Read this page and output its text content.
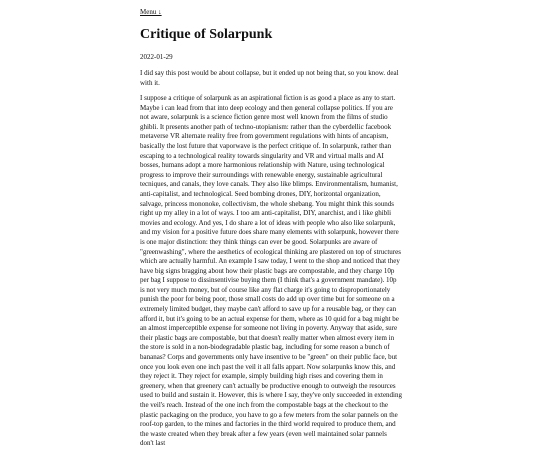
Menu ↓
Critique of Solarpunk
2022-01-29

I did say this post would be about collapse, but it ended up not being that, so you know. deal with it.

I suppose a critique of solarpunk as an aspirational fiction is as good a place as any to start. Maybe i can lead from that into deep ecology and then general collapse politics. If you are not aware, solarpunk is a science fiction genre most well known from the films of studio ghibli. It presents another path of techno-utopianism: rather than the cyberdellic facebook metaverse VR alternate reality free from government regulations with hints of ancapism, basically the lost future that vaporwave is the perfect critique of. In solarpunk, rather than escaping to a technological reality towards singularity and VR and virtual malls and AI bosses, humans adopt a more harmonious relationship with Nature, using technological progress to improve their surroundings with renewable energy, sustainable agricultural tecniques, and canals, they love canals. They also like blimps. Environmentalism, humanist, anti-capitalist, and technological. Seed bombing drones, DIY, horizontal organization, salvage, princess mononoke, collectivism, the whole shebang. You might think this sounds right up my alley in a lot of ways. I too am anti-capitalist, DIY, anarchist, and i like ghibli movies and ecology. And yes, I do share a lot of ideas with people who also like solarpunk, and my vision for a positive future does share many elements with solarpunk, however there is one major distinction: they think things can ever be good. Solarpunks are aware of "greenwashing", where the aesthetics of ecological thinking are plastered on top of structures which are actually harmful. An example I saw today, I went to the shop and noticed that they have big signs bragging about how their plastic bags are compostable, and they charge 10p per bag I suppose to dissinsentivise buying them (I think that's a government mandate). 10p is not very much money, but of course like any flat charge it's going to disproportionately punish the poor for being poor, those small costs do add up over time but for someone on a extremely limited budget, they maybe can't afford to save up for a reusable bag, or they can afford it, but it's going to be an actual expense for them, where as 10 quid for a bag might be an almost imperceptible expense for someone not living in poverty. Anyway that aside, sure their plastic bags are compostable, but that doesn't really matter when almost every item in the store is sold in a non-biodegradable plastic bag, including for some reason a bunch of bananas? Corps and governments only have insentive to be "green" on their public face, but once you look even one inch past the veil it all falls appart. Now solarpunks know this, and they reject it. They reject for example, simply building high rises and covering them in greenery, when that greenery can't actually be productive enough to outweigh the resources used to build and sustain it. However, this is where I say, they've only succeeded in extending the veil's reach. Instead of the one inch from the compostable bags at the checkout to the plastic packaging on the produce, you have to go a few meters from the solar pannels on the roof-top garden, to the mines and factories in the third world required to produce them, and the waste created when they break after a few years (even well maintained solar pannels don't last
